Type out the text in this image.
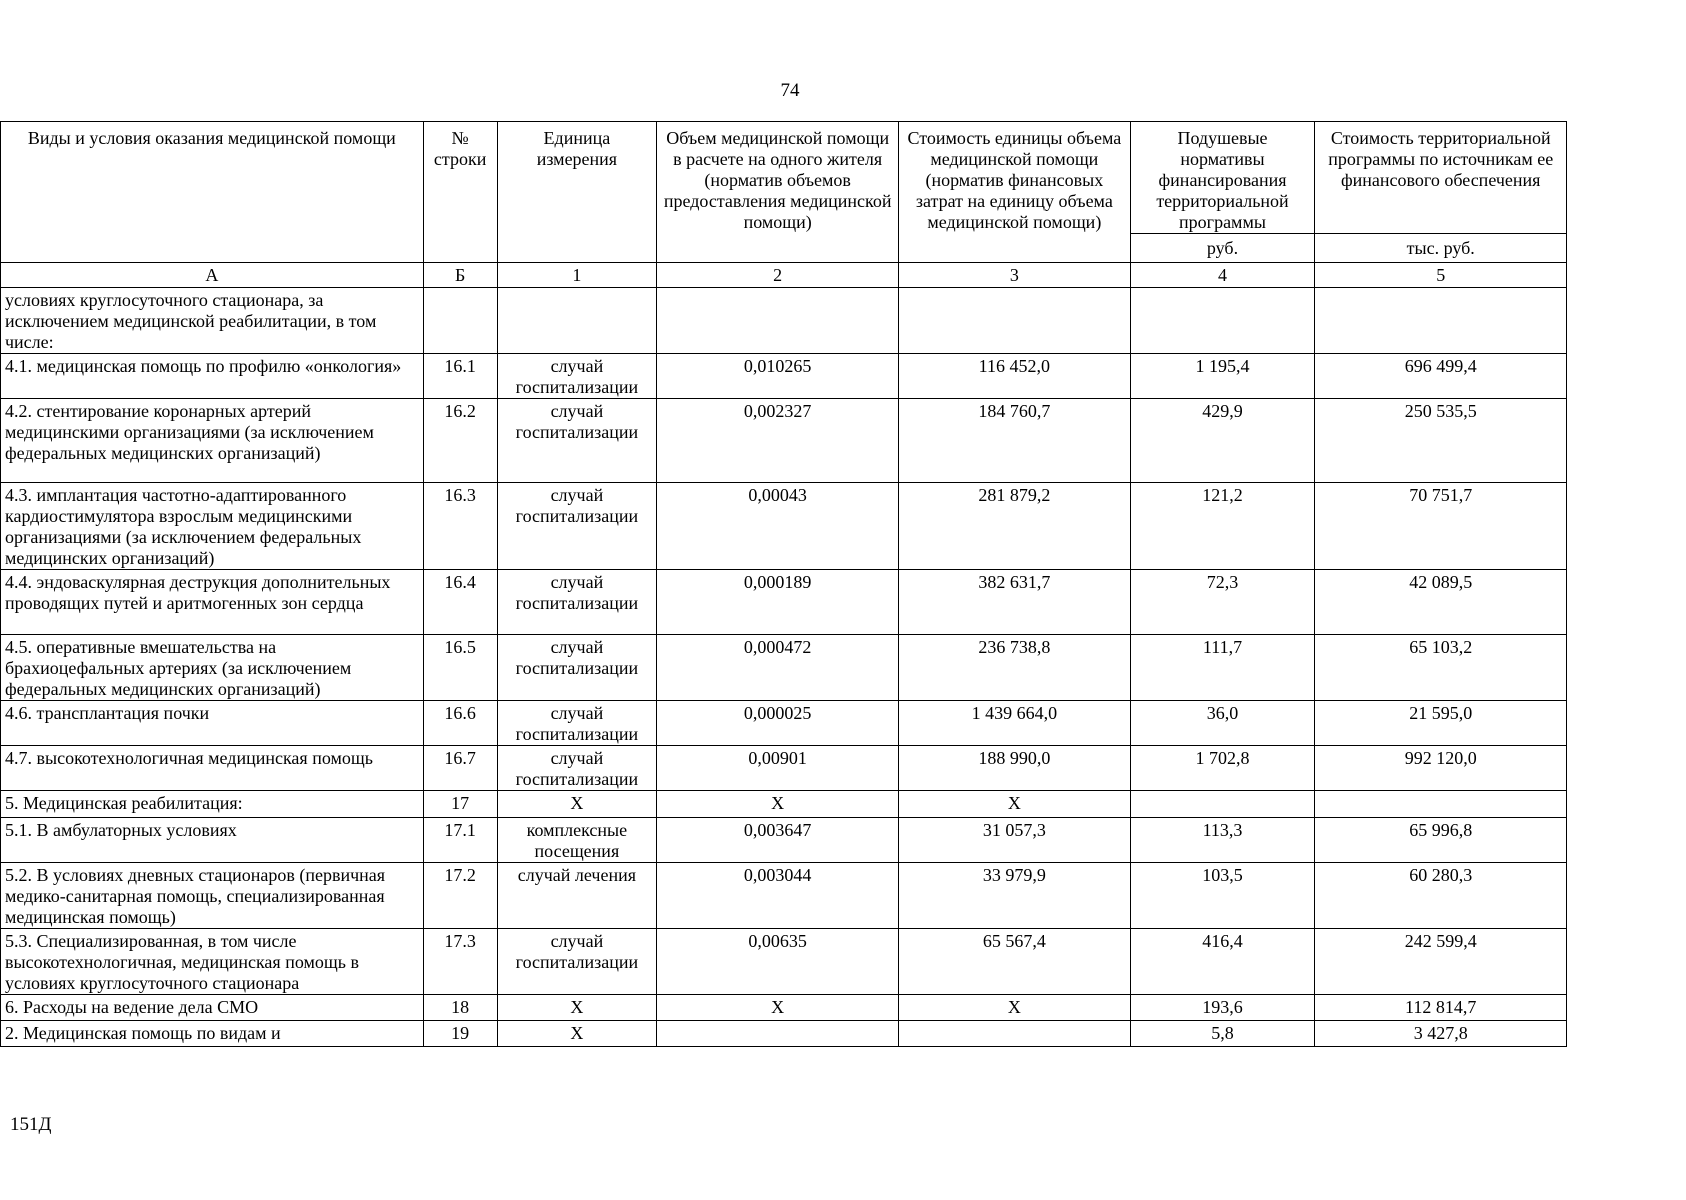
74
Виды и условия оказания медицинской помощи	№ строки	Единица измерения	Объем медицинской помощи в расчете на одного жителя (норматив объемов предоставления медицинской помощи)	Стоимость единицы объема медицинской помощи (норматив финансовых затрат на единицу объема медицинской помощи)	Подушевые нормативы финансирования территориальной программы	Стоимость территориальной программы по источникам ее финансового обеспечения
					руб.	тыс. руб.
А	Б	1	2	3	4	5
условиях круглосуточного стационара, за исключением медицинской реабилитации, в том числе:						
4.1. медицинская помощь по профилю «онкология»	16.1	случай госпитализации	0,010265	116 452,0	1 195,4	696 499,4
4.2. стентирование коронарных артерий медицинскими организациями (за исключением федеральных медицинских организаций)	16.2	случай госпитализации	0,002327	184 760,7	429,9	250 535,5
4.3. имплантация частотно-адаптированного кардиостимулятора взрослым медицинскими организациями (за исключением федеральных медицинских организаций)	16.3	случай госпитализации	0,00043	281 879,2	121,2	70 751,7
4.4. эндоваскулярная деструкция дополнительных проводящих путей и аритмогенных зон сердца	16.4	случай госпитализации	0,000189	382 631,7	72,3	42 089,5
4.5. оперативные вмешательства на брахиоцефальных артериях (за исключением федеральных медицинских организаций)	16.5	случай госпитализации	0,000472	236 738,8	111,7	65 103,2
4.6. трансплантация почки	16.6	случай госпитализации	0,000025	1 439 664,0	36,0	21 595,0
4.7. высокотехнологичная медицинская помощь	16.7	случай госпитализации	0,00901	188 990,0	1 702,8	992 120,0
5. Медицинская реабилитация:	17	Х	Х	Х		
5.1. В амбулаторных условиях	17.1	комплексные посещения	0,003647	31 057,3	113,3	65 996,8
5.2. В условиях дневных стационаров (первичная медико-санитарная помощь, специализированная медицинская помощь)	17.2	случай лечения	0,003044	33 979,9	103,5	60 280,3
5.3. Специализированная, в том числе высокотехнологичная, медицинская помощь в условиях круглосуточного стационара	17.3	случай госпитализации	0,00635	65 567,4	416,4	242 599,4
6. Расходы на ведение дела СМО	18	Х	Х	Х	193,6	112 814,7
2. Медицинская помощь по видам и	19	Х			5,8	3 427,8
151Д
